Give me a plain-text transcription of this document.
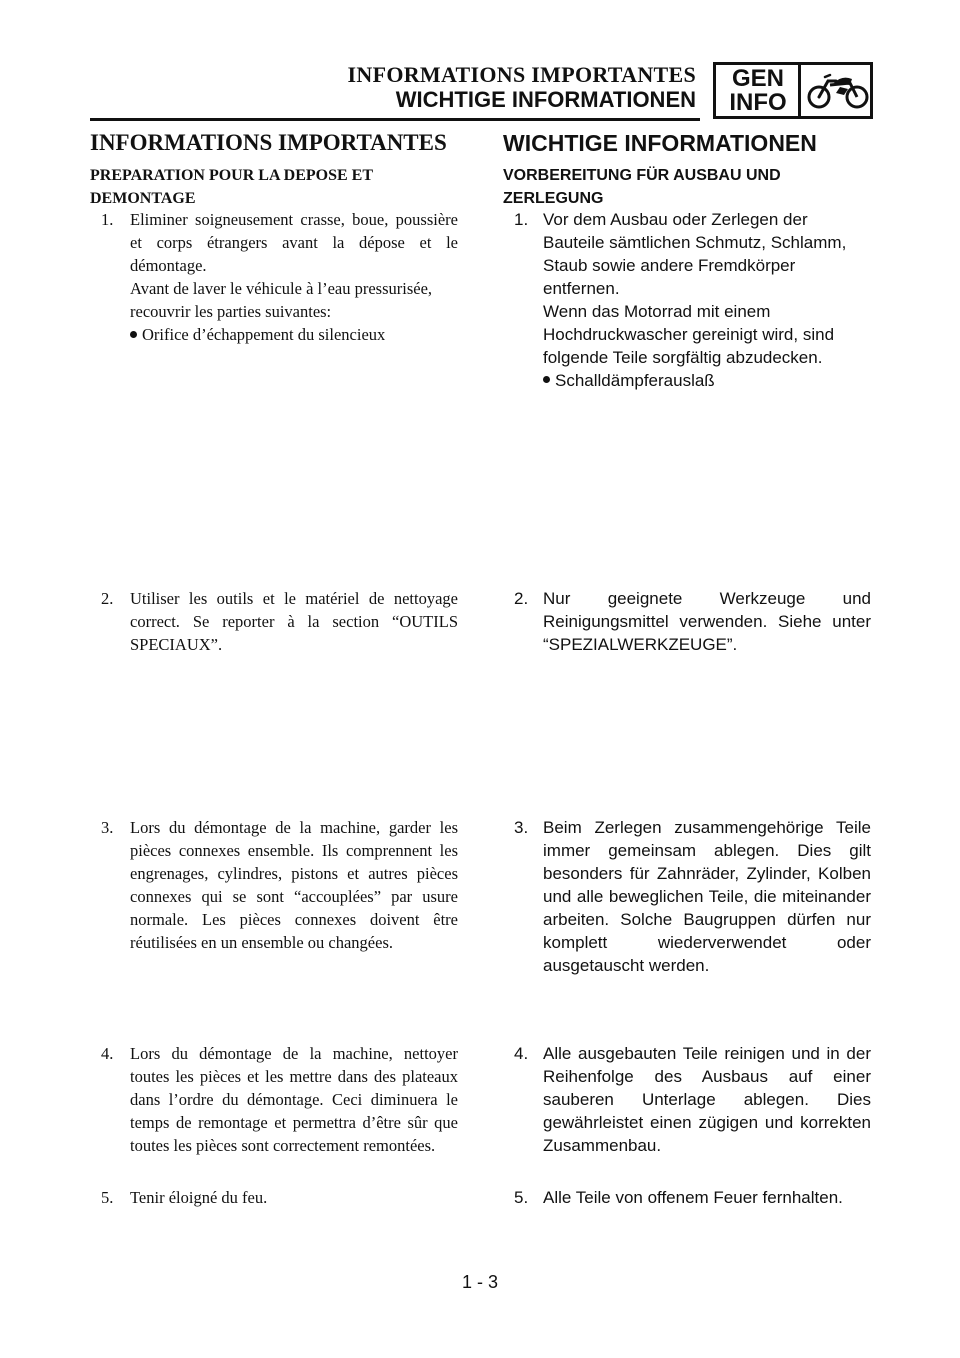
INFORMATIONS IMPORTANTES
WICHTIGE INFORMATIONEN
GEN
INFO
INFORMATIONS IMPORTANTES
PREPARATION POUR LA DEPOSE ET DEMONTAGE
1. Eliminer soigneusement crasse, boue, poussière et corps étrangers avant la dépose et le démontage.

Avant de laver le véhicule à l’eau pressurisée, recouvrir les parties suivantes:

Orifice d’échappement du silencieux

2. Utiliser les outils et le matériel de nettoyage correct. Se reporter à la section “OUTILS SPECIAUX”.

3. Lors du démontage de la machine, garder les pièces connexes ensemble. Ils comprennent les engrenages, cylindres, pistons et autres pièces connexes qui se sont “accouplées” par usure normale. Les pièces connexes doivent être réutilisées en un ensemble ou changées.

4. Lors du démontage de la machine, nettoyer toutes les pièces et les mettre dans des plateaux dans l’ordre du démontage. Ceci diminuera le temps de remontage et permettra d’être sûr que toutes les pièces sont correctement remontées.

5. Tenir éloigné du feu.

WICHTIGE INFORMATIONEN
VORBEREITUNG FÜR AUSBAU UND ZERLEGUNG
1. Vor dem Ausbau oder Zerlegen der Bauteile sämtlichen Schmutz, Schlamm, Staub sowie andere Fremdkörper entfernen.

Wenn das Motorrad mit einem Hochdruckwascher gereinigt wird, sind folgende Teile sorgfältig abzudecken.

Schalldämpferauslaß

2. Nur geeignete Werkzeuge und Reinigungsmittel verwenden. Siehe unter “SPEZIALWERKZEUGE”.

3. Beim Zerlegen zusammengehörige Teile immer gemeinsam ablegen. Dies gilt besonders für Zahnräder, Zylinder, Kolben und alle beweglichen Teile, die miteinander arbeiten. Solche Baugruppen dürfen nur komplett wiederverwendet oder ausgetauscht werden.

4. Alle ausgebauten Teile reinigen und in der Reihenfolge des Ausbaus auf einer sauberen Unterlage ablegen. Dies gewährleistet einen zügigen und korrekten Zusammenbau.

5. Alle Teile von offenem Feuer fernhalten.

1 - 3
